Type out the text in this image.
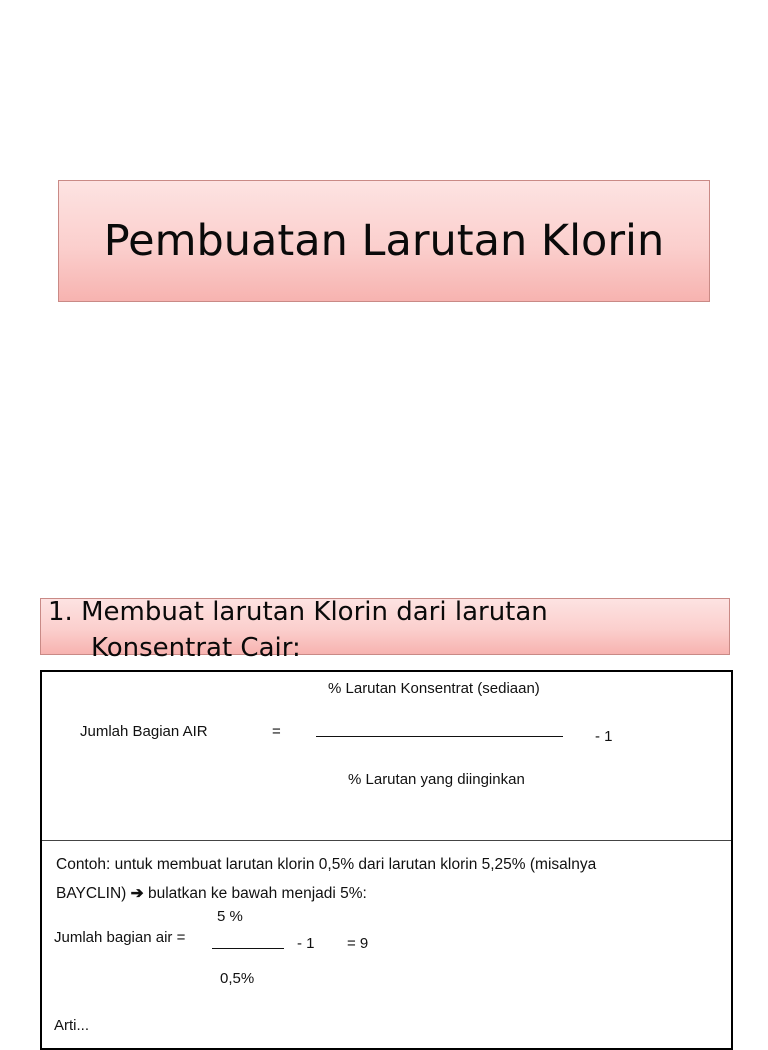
Pembuatan Larutan Klorin
1. Membuat larutan Klorin dari larutan
Konsentrat Cair:
% Larutan Konsentrat (sediaan)
Jumlah Bagian AIR	=	- 1
% Larutan yang diinginkan
Contoh: untuk membuat larutan klorin 0,5% dari larutan klorin 5,25% (misalnya
BAYCLIN) ➔ bulatkan ke bawah menjadi 5%:
5 %
Jumlah bagian air =	- 1 = 9
0,5%
Arti...
